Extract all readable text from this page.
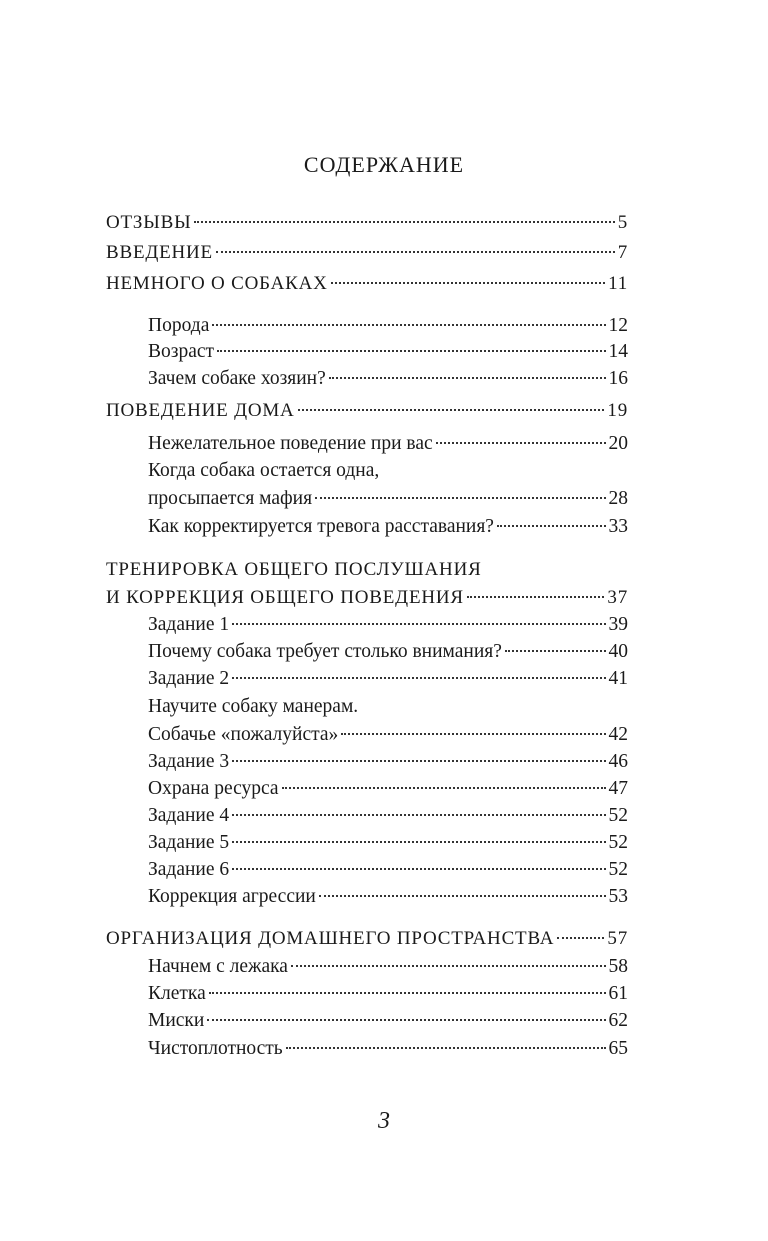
СОДЕРЖАНИЕ
ОТЗЫВЫ	5
ВВЕДЕНИЕ	7
НЕМНОГО О СОБАКАХ	11
Порода	12
Возраст	14
Зачем собаке хозяин?	16
ПОВЕДЕНИЕ ДОМА	19
Нежелательное поведение при вас	20
Когда собака остается одна,
просыпается мафия	28
Как корректируется тревога расставания?	33
ТРЕНИРОВКА ОБЩЕГО ПОСЛУШАНИЯ
И КОРРЕКЦИЯ ОБЩЕГО ПОВЕДЕНИЯ	37
Задание 1	39
Почему собака требует столько внимания?	40
Задание 2	41
Научите собаку манерам.
Собачье «пожалуйста»	42
Задание 3	46
Охрана ресурса	47
Задание 4	52
Задание 5	52
Задание 6	52
Коррекция агрессии	53
ОРГАНИЗАЦИЯ ДОМАШНЕГО ПРОСТРАНСТВА	57
Начнем с лежака	58
Клетка	61
Миски	62
Чистоплотность	65
3
